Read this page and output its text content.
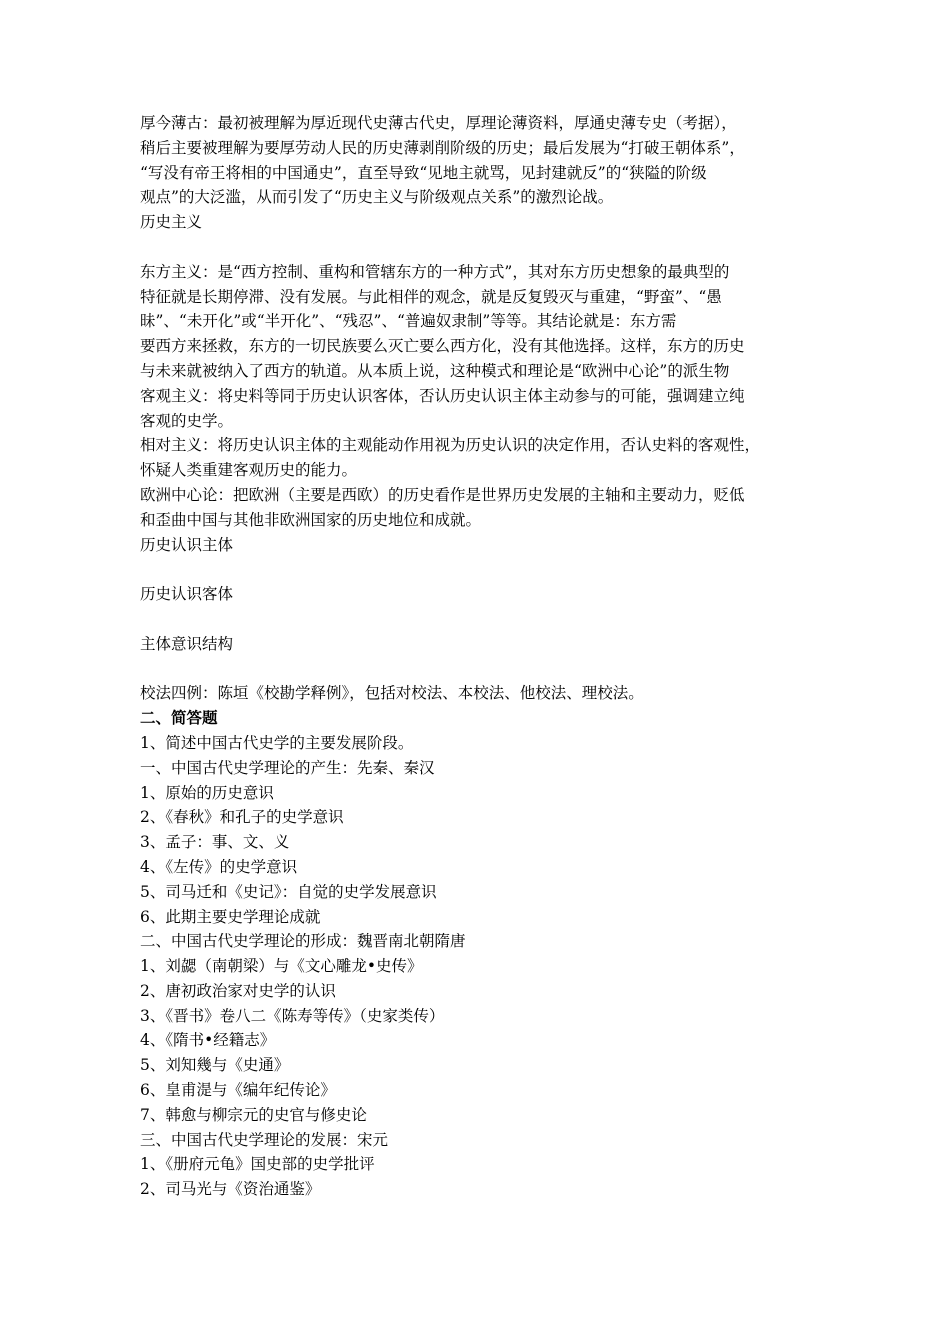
厚今薄古：最初被理解为厚近现代史薄古代史，厚理论薄资料，厚通史薄专史（考据），
稍后主要被理解为要厚劳动人民的历史薄剥削阶级的历史；最后发展为“打破王朝体系”，
“写没有帝王将相的中国通史”，直至导致“见地主就骂，见封建就反”的“狭隘的阶级
观点”的大泛滥，从而引发了“历史主义与阶级观点关系”的激烈论战。
历史主义
东方主义：是“西方控制、重构和管辖东方的一种方式”，其对东方历史想象的最典型的
特征就是长期停滞、没有发展。与此相伴的观念，就是反复毁灭与重建，“野蛮”、“愚
昧”、“未开化”或“半开化”、“残忍”、“普遍奴隶制”等等。其结论就是：东方需
要西方来拯救，东方的一切民族要么灭亡要么西方化，没有其他选择。这样，东方的历史
与未来就被纳入了西方的轨道。从本质上说，这种模式和理论是“欧洲中心论”的派生物
客观主义：将史料等同于历史认识客体，否认历史认识主体主动参与的可能，强调建立纯
客观的史学。
相对主义：将历史认识主体的主观能动作用视为历史认识的决定作用，否认史料的客观性，
怀疑人类重建客观历史的能力。
欧洲中心论：把欧洲（主要是西欧）的历史看作是世界历史发展的主轴和主要动力，贬低
和歪曲中国与其他非欧洲国家的历史地位和成就。
历史认识主体
历史认识客体
主体意识结构
校法四例：陈垣《校勘学释例》，包括对校法、本校法、他校法、理校法。
二、简答题
1、简述中国古代史学的主要发展阶段。
一、中国古代史学理论的产生：先秦、秦汉
1、原始的历史意识
2、《春秋》和孔子的史学意识
3、孟子：事、文、义
4、《左传》的史学意识
5、司马迁和《史记》：自觉的史学发展意识
6、此期主要史学理论成就
二、中国古代史学理论的形成：魏晋南北朝隋唐
1、刘勰（南朝梁）与《文心雕龙•史传》
2、唐初政治家对史学的认识
3、《晋书》卷八二《陈寿等传》（史家类传）
4、《隋书•经籍志》
5、刘知幾与《史通》
6、皇甫湜与《编年纪传论》
7、韩愈与柳宗元的史官与修史论
三、中国古代史学理论的发展：宋元
1、《册府元龟》国史部的史学批评
2、司马光与《资治通鉴》
